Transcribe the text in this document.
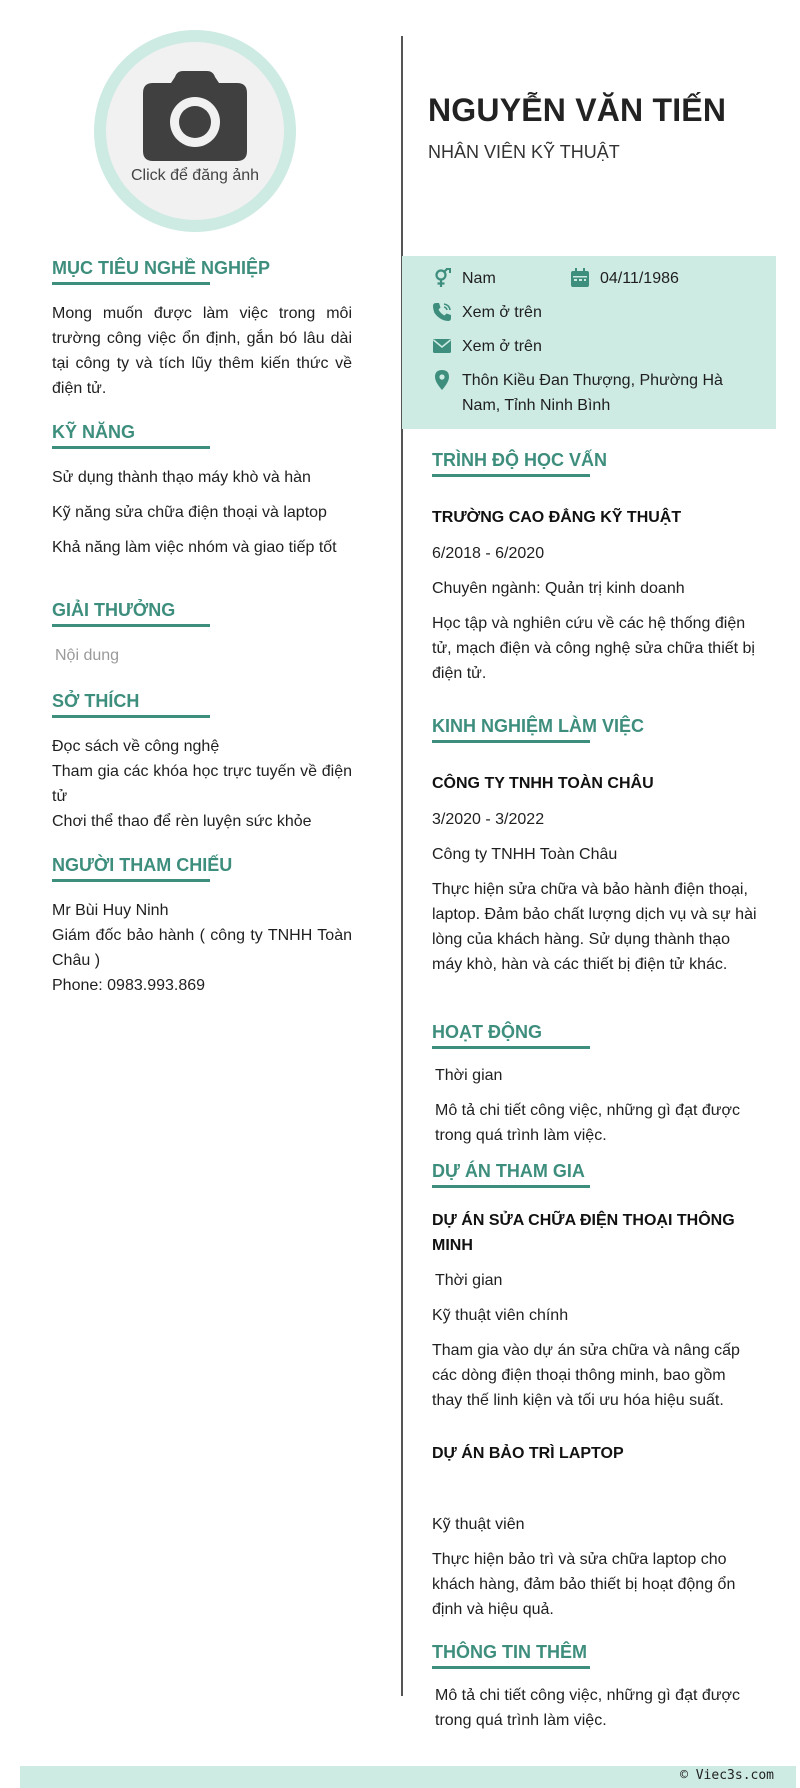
Click để đăng ảnh
NGUYỄN VĂN TIẾN
NHÂN VIÊN KỸ THUẬT
Nam	04/11/1986
Xem ở trên
Xem ở trên
Thôn Kiều Đan Thượng, Phường Hà Nam, Tỉnh Ninh Bình
MỤC TIÊU NGHỀ NGHIỆP
Mong muốn được làm việc trong môi trường công việc ổn định, gắn bó lâu dài tại công ty và tích lũy thêm kiến thức về điện tử.
KỸ NĂNG
Sử dụng thành thạo máy khò và hàn
Kỹ năng sửa chữa điện thoại và laptop
Khả năng làm việc nhóm và giao tiếp tốt
GIẢI THƯỞNG
Nội dung
SỞ THÍCH
Đọc sách về công nghệ
Tham gia các khóa học trực tuyến về điện tử
Chơi thể thao để rèn luyện sức khỏe
NGƯỜI THAM CHIẾU
Mr Bùi Huy Ninh
Giám đốc bảo hành ( công ty TNHH Toàn Châu )
Phone: 0983.993.869
TRÌNH ĐỘ HỌC VẤN
TRƯỜNG CAO ĐẲNG KỸ THUẬT
6/2018 - 6/2020
Chuyên ngành: Quản trị kinh doanh
Học tập và nghiên cứu về các hệ thống điện tử, mạch điện và công nghệ sửa chữa thiết bị điện tử.
KINH NGHIỆM LÀM VIỆC
CÔNG TY TNHH TOÀN CHÂU
3/2020 - 3/2022
Công ty TNHH Toàn Châu
Thực hiện sửa chữa và bảo hành điện thoại, laptop. Đảm bảo chất lượng dịch vụ và sự hài lòng của khách hàng. Sử dụng thành thạo máy khò, hàn và các thiết bị điện tử khác.
HOẠT ĐỘNG
Thời gian
Mô tả chi tiết công việc, những gì đạt được trong quá trình làm việc.
DỰ ÁN THAM GIA
DỰ ÁN SỬA CHỮA ĐIỆN THOẠI THÔNG MINH
Thời gian
Kỹ thuật viên chính
Tham gia vào dự án sửa chữa và nâng cấp các dòng điện thoại thông minh, bao gồm thay thế linh kiện và tối ưu hóa hiệu suất.
DỰ ÁN BẢO TRÌ LAPTOP
Kỹ thuật viên
Thực hiện bảo trì và sửa chữa laptop cho khách hàng, đảm bảo thiết bị hoạt động ổn định và hiệu quả.
THÔNG TIN THÊM
Mô tả chi tiết công việc, những gì đạt được trong quá trình làm việc.
© Viec3s.com
